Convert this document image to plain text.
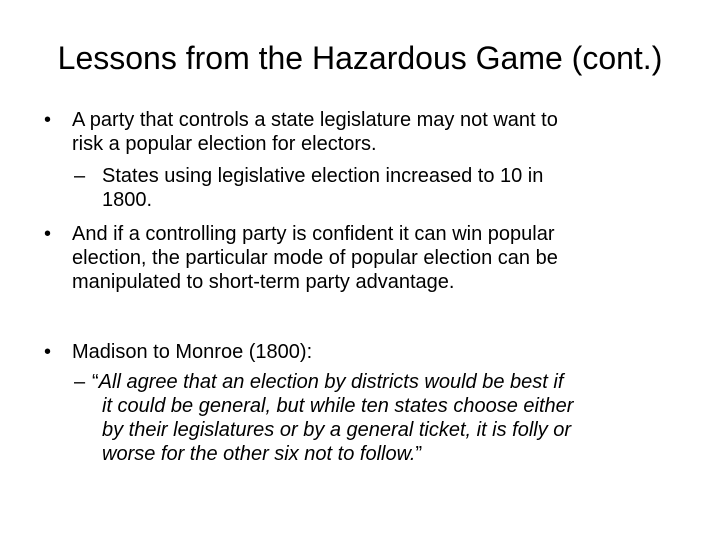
Lessons from the Hazardous Game (cont.)
• A party that controls a state legislature may not want to
risk a popular election for electors.
– States using legislative election increased to 10 in
1800.
• And if a controlling party is confident it can win popular
election, the particular mode of popular election can be
manipulated to short-term party advantage.
• Madison to Monroe (1800):
– “All agree that an election by districts would be best if
it could be general, but while ten states choose either
by their legislatures or by a general ticket, it is folly or
worse for the other six not to follow.”
